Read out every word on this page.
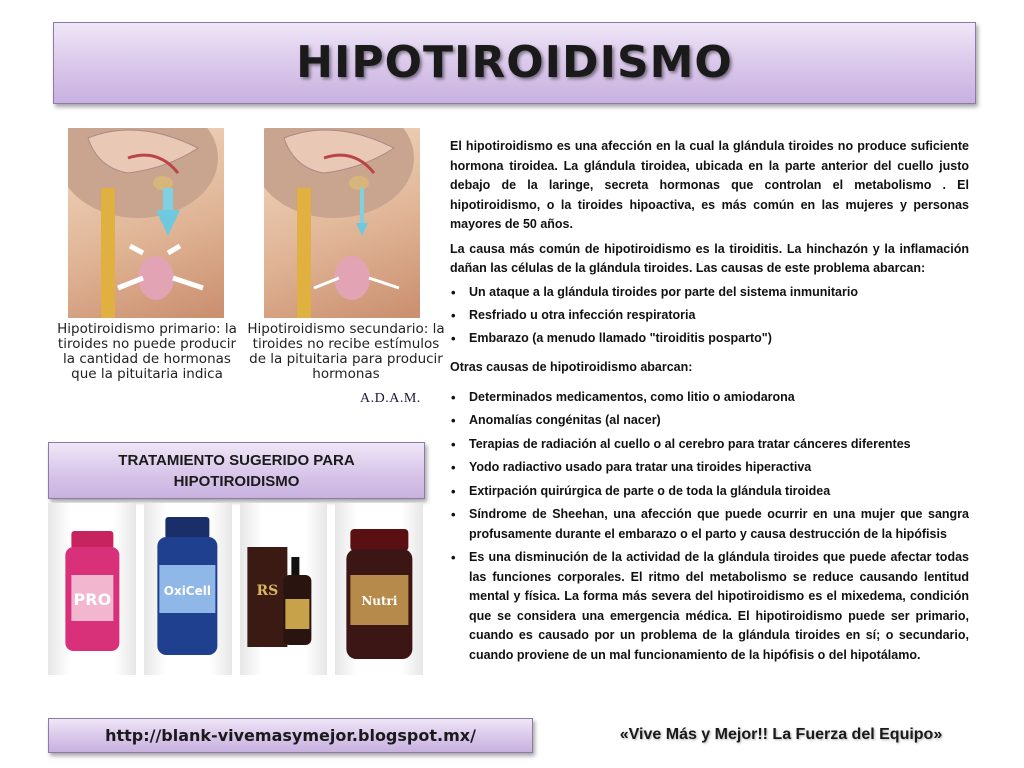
HIPOTIROIDISMO
Hipotiroidismo primario: la tiroides no puede producir la cantidad de hormonas que la pituitaria indica
Hipotiroidismo secundario: la tiroides no recibe estímulos de la pituitaria para producir hormonas
A.D.A.M.
TRATAMIENTO SUGERIDO PARA
HIPOTIROIDISMO
PRO	OxiCell	RS
Nutri

El hipotiroidismo es una afección en la cual la glándula tiroides no produce suficiente hormona tiroidea. La glándula tiroidea, ubicada en la parte anterior del cuello justo debajo de la laringe, secreta hormonas que controlan el metabolismo . El hipotiroidismo, o la tiroides hipoactiva, es más común en las mujeres y personas mayores de 50 años.

La causa más común de hipotiroidismo es la tiroiditis. La hinchazón y la inflamación dañan las células de la glándula tiroides. Las causas de este problema abarcan:

• Un ataque a la glándula tiroides por parte del sistema inmunitario
• Resfriado u otra infección respiratoria
• Embarazo (a menudo llamado "tiroiditis posparto")

Otras causas de hipotiroidismo abarcan:

• Determinados medicamentos, como litio o amiodarona
• Anomalías congénitas (al nacer)
• Terapias de radiación al cuello o al cerebro para tratar cánceres diferentes
• Yodo radiactivo usado para tratar una tiroides hiperactiva
• Extirpación quirúrgica de parte o de toda la glándula tiroidea
• Síndrome de Sheehan, una afección que puede ocurrir en una mujer que sangra profusamente durante el embarazo o el parto y causa destrucción de la hipófisis
• Es una disminución de la actividad de la glándula tiroides que puede afectar todas las funciones corporales. El ritmo del metabolismo se reduce causando lentitud mental y física. La forma más severa del hipotiroidismo es el mixedema, condición que se considera una emergencia médica. El hipotiroidismo puede ser primario, cuando es causado por un problema de la glándula tiroides en sí; o secundario, cuando proviene de un mal funcionamiento de la hipófisis o del hipotálamo.
http://blank-vivemasymejor.blogspot.mx/	«Vive Más y Mejor!! La Fuerza del Equipo»
